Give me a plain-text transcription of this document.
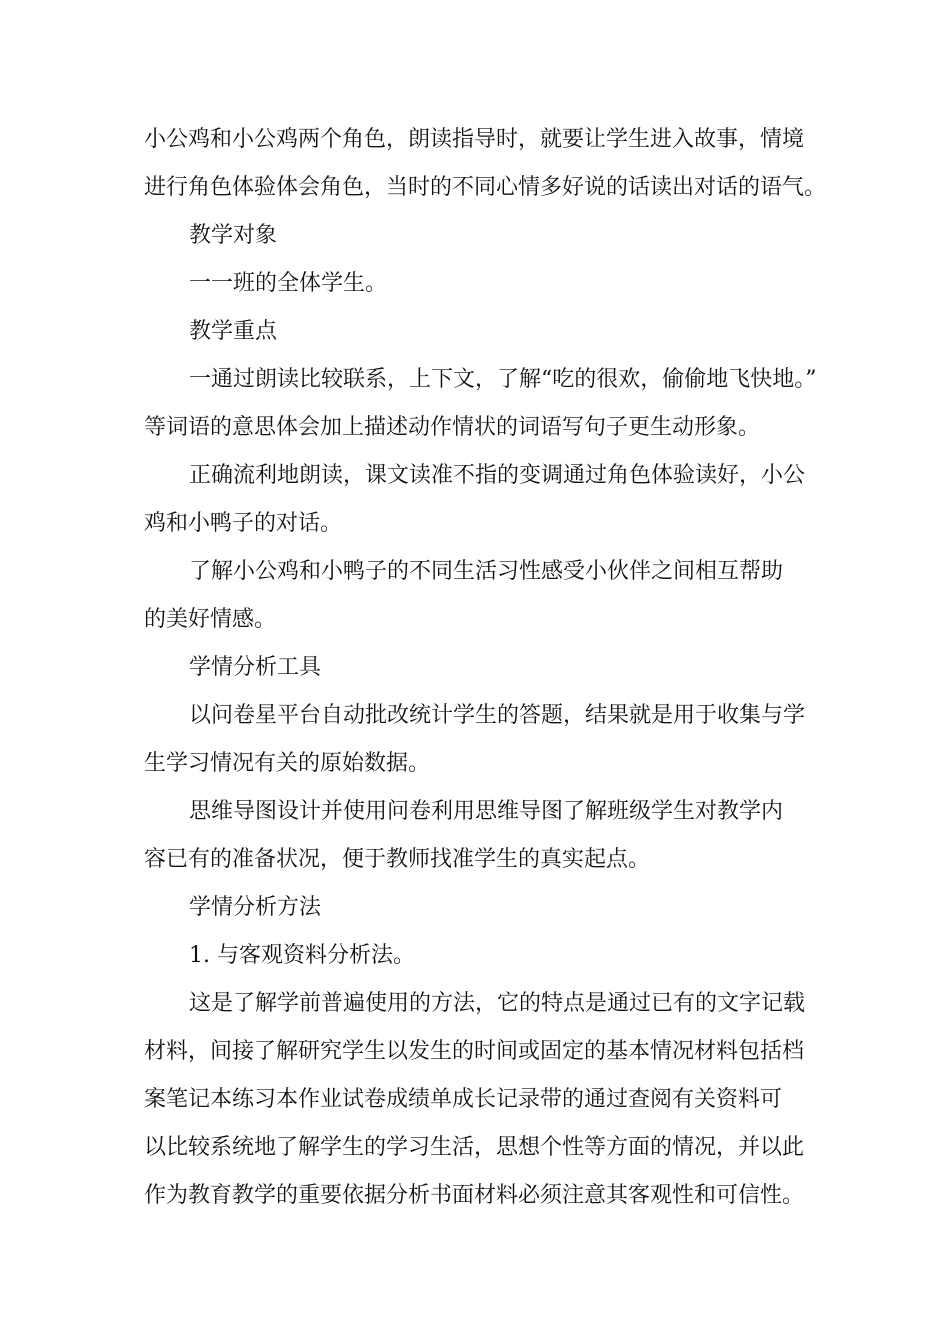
小公鸡和小公鸡两个角色，朗读指导时，就要让学生进入故事，情境
进行角色体验体会角色，当时的不同心情多好说的话读出对话的语气。
教学对象
一一班的全体学生。
教学重点
一通过朗读比较联系，上下文，了解“吃的很欢，偷偷地飞快地。”
等词语的意思体会加上描述动作情状的词语写句子更生动形象。
正确流利地朗读，课文读准不指的变调通过角色体验读好，小公
鸡和小鸭子的对话。
了解小公鸡和小鸭子的不同生活习性感受小伙伴之间相互帮助
的美好情感。
学情分析工具
以问卷星平台自动批改统计学生的答题，结果就是用于收集与学
生学习情况有关的原始数据。
思维导图设计并使用问卷利用思维导图了解班级学生对教学内
容已有的准备状况，便于教师找准学生的真实起点。
学情分析方法
1. 与客观资料分析法。
这是了解学前普遍使用的方法，它的特点是通过已有的文字记载
材料，间接了解研究学生以发生的时间或固定的基本情况材料包括档
案笔记本练习本作业试卷成绩单成长记录带的通过查阅有关资料可
以比较系统地了解学生的学习生活，思想个性等方面的情况，并以此
作为教育教学的重要依据分析书面材料必须注意其客观性和可信性。
